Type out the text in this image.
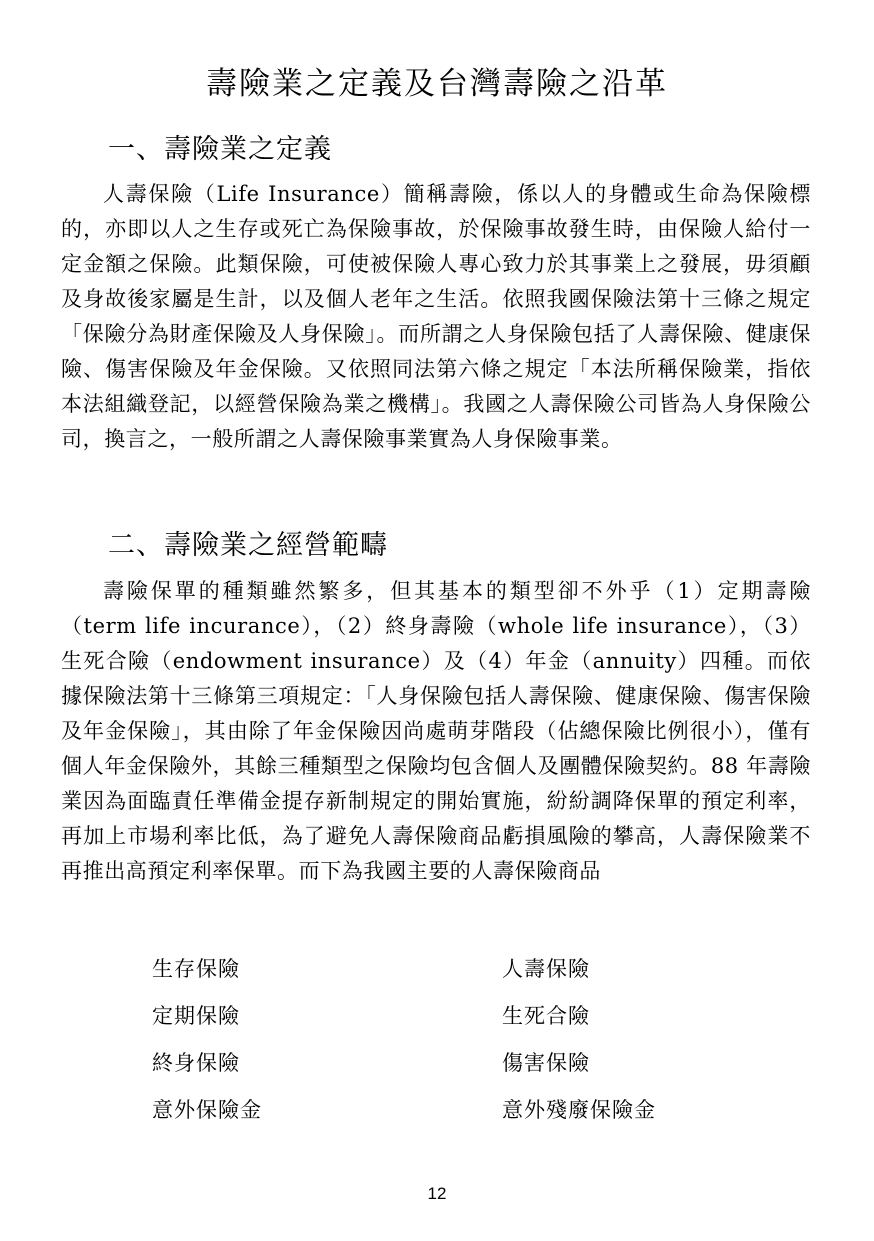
壽險業之定義及台灣壽險之沿革
一、壽險業之定義

人壽保險（Life Insurance）簡稱壽險，係以人的身體或生命為保險標的，亦即以人之生存或死亡為保險事故，於保險事故發生時，由保險人給付一定金額之保險。此類保險，可使被保險人專心致力於其事業上之發展，毋須顧及身故後家屬是生計，以及個人老年之生活。依照我國保險法第十三條之規定「保險分為財產保險及人身保險」。而所謂之人身保險包括了人壽保險、健康保險、傷害保險及年金保險。又依照同法第六條之規定「本法所稱保險業，指依本法組織登記，以經營保險為業之機構」。我國之人壽保險公司皆為人身保險公司，換言之，一般所謂之人壽保險事業實為人身保險事業。

二、壽險業之經營範疇

壽險保單的種類雖然繁多，但其基本的類型卻不外乎（1）定期壽險（term life incurance），（2）終身壽險（whole life insurance），（3）生死合險（endowment insurance）及（4）年金（annuity）四種。而依據保險法第十三條第三項規定：「人身保險包括人壽保險、健康保險、傷害保險及年金保險」，其由除了年金保險因尚處萌芽階段（佔總保險比例很小），僅有個人年金保險外，其餘三種類型之保險均包含個人及團體保險契約。88 年壽險業因為面臨責任準備金提存新制規定的開始實施，紛紛調降保單的預定利率，再加上市場利率比低，為了避免人壽保險商品虧損風險的攀高，人壽保險業不再推出高預定利率保單。而下為我國主要的人壽保險商品

生存保險	人壽保險
定期保險	生死合險
終身保險	傷害保險
意外保險金	意外殘廢保險金
12
